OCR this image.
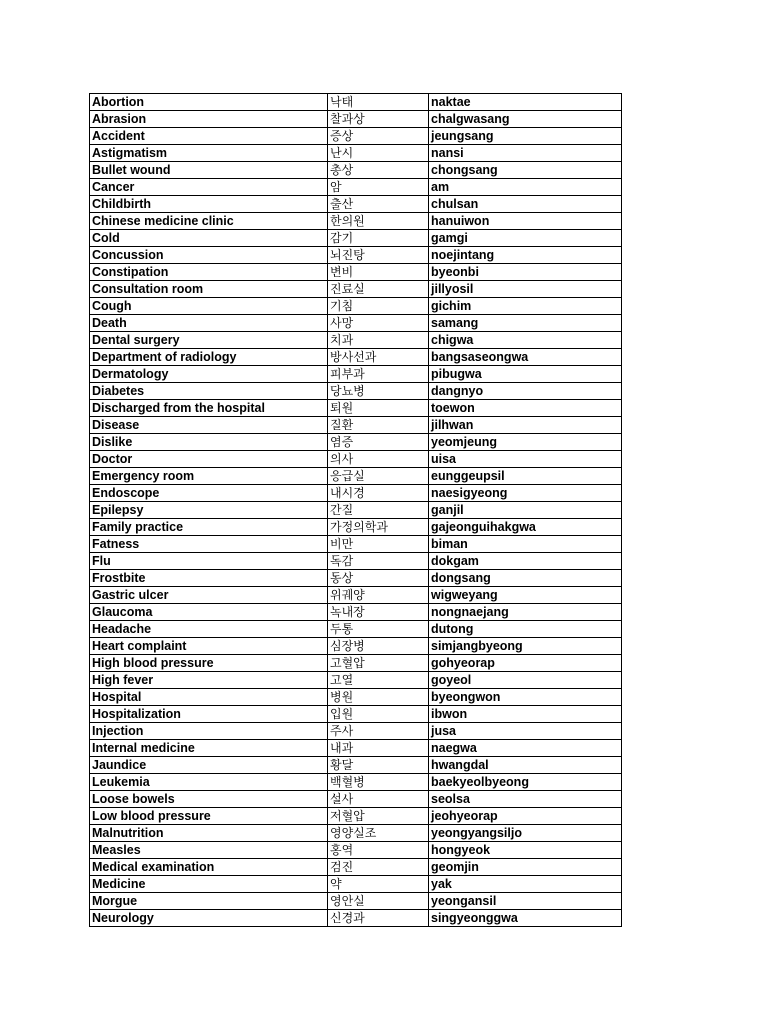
Abortion	낙태	naktae
Abrasion	찰과상	chalgwasang
Accident	증상	jeungsang
Astigmatism	난시	nansi
Bullet wound	총상	chongsang
Cancer	암	am
Childbirth	출산	chulsan
Chinese medicine clinic	한의원	hanuiwon
Cold	감기	gamgi
Concussion	뇌진탕	noejintang
Constipation	변비	byeonbi
Consultation room	진료실	jillyosil
Cough	기침	gichim
Death	사망	samang
Dental surgery	치과	chigwa
Department of radiology	방사선과	bangsaseongwa
Dermatology	피부과	pibugwa
Diabetes	당뇨병	dangnyo
Discharged from the hospital	퇴원	toewon
Disease	질환	jilhwan
Dislike	염증	yeomjeung
Doctor	의사	uisa
Emergency room	응급실	eunggeupsil
Endoscope	내시경	naesigyeong
Epilepsy	간질	ganjil
Family practice	가정의학과	gajeonguihakgwa
Fatness	비만	biman
Flu	독감	dokgam
Frostbite	동상	dongsang
Gastric ulcer	위궤양	wigweyang
Glaucoma	녹내장	nongnaejang
Headache	두통	dutong
Heart complaint	심장병	simjangbyeong
High blood pressure	고혈압	gohyeorap
High fever	고열	goyeol
Hospital	병원	byeongwon
Hospitalization	입원	ibwon
Injection	주사	jusa
Internal medicine	내과	naegwa
Jaundice	황달	hwangdal
Leukemia	백혈병	baekyeolbyeong
Loose bowels	설사	seolsa
Low blood pressure	저혈압	jeohyeorap
Malnutrition	영양실조	yeongyangsiljo
Measles	홍역	hongyeok
Medical examination	검진	geomjin
Medicine	약	yak
Morgue	영안실	yeongansil
Neurology	신경과	singyeonggwa
